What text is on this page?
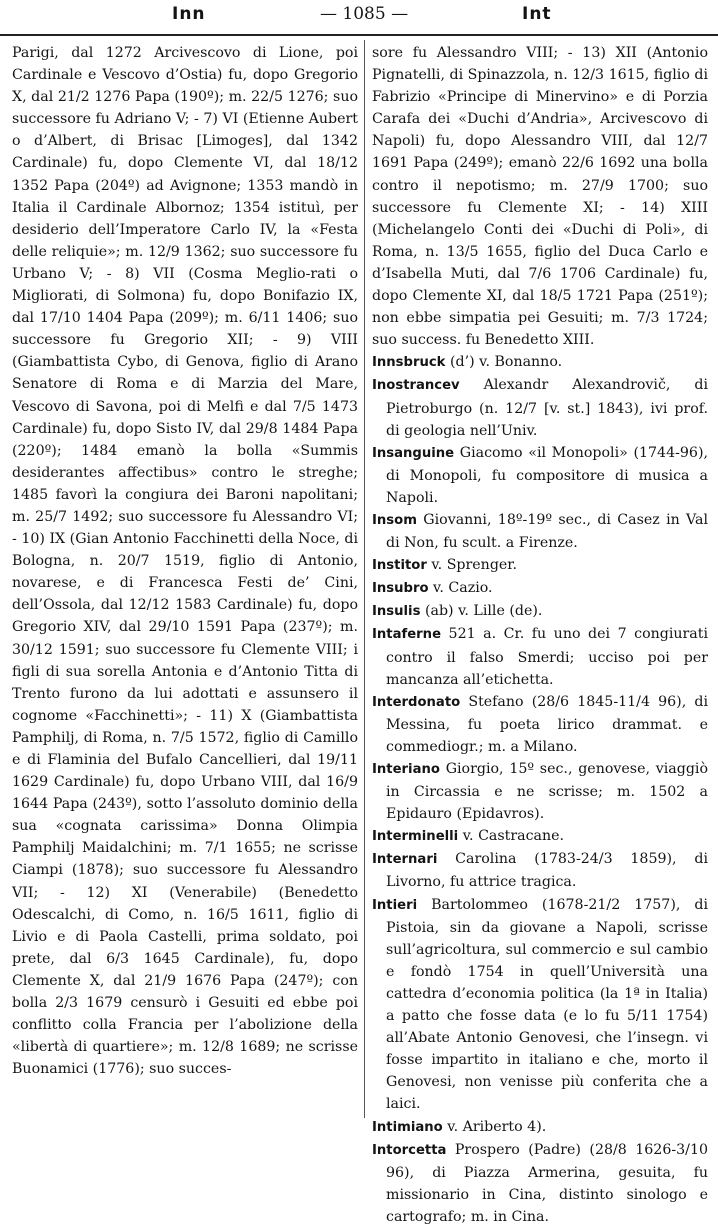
Inn	— 1085 —	Int

Parigi, dal 1272 Arcivescovo di Lione, poi Cardinale e Vescovo d’Ostia) fu, dopo Gregorio X, dal 21/2 1276 Papa (190º); m. 22/5 1276; suo successore fu Adriano V; - 7) VI (Etienne Aubert o d’Albert, di Brisac [Limoges], dal 1342 Cardinale) fu, dopo Clemente VI, dal 18/12 1352 Papa (204º) ad Avignone; 1353 mandò in Italia il Cardinale Albornoz; 1354 istituì, per desiderio dell’Imperatore Carlo IV, la «Festa delle reliquie»; m. 12/9 1362; suo successore fu Urbano V; - 8) VII (Cosma Meglio-rati o Migliorati, di Solmona) fu, dopo Bonifazio IX, dal 17/10 1404 Papa (209º); m. 6/11 1406; suo successore fu Gregorio XII; - 9) VIII (Giambattista Cybo, di Genova, figlio di Arano Senatore di Roma e di Marzia del Mare, Vescovo di Savona, poi di Melfi e dal 7/5 1473 Cardinale) fu, dopo Sisto IV, dal 29/8 1484 Papa (220º); 1484 emanò la bolla «Summis desiderantes affectibus» contro le streghe; 1485 favorì la congiura dei Baroni napolitani; m. 25/7 1492; suo successore fu Alessandro VI; - 10) IX (Gian Antonio Facchinetti della Noce, di Bologna, n. 20/7 1519, figlio di Antonio, novarese, e di Francesca Festi de’ Cini, dell’Ossola, dal 12/12 1583 Cardinale) fu, dopo Gregorio XIV, dal 29/10 1591 Papa (237º); m. 30/12 1591; suo successore fu Clemente VIII; i figli di sua sorella Antonia e d’Antonio Titta di Trento furono da lui adottati e assunsero il cognome «Facchinetti»; - 11) X (Giambattista Pamphilj, di Roma, n. 7/5 1572, figlio di Camillo e di Flaminia del Bufalo Cancellieri, dal 19/11 1629 Cardinale) fu, dopo Urbano VIII, dal 16/9 1644 Papa (243º), sotto l’assoluto dominio della sua «cognata carissima» Donna Olimpia Pamphilj Maidalchini; m. 7/1 1655; ne scrisse Ciampi (1878); suo successore fu Alessandro VII; - 12) XI (Venerabile) (Benedetto Odescalchi, di Como, n. 16/5 1611, figlio di Livio e di Paola Castelli, prima soldato, poi prete, dal 6/3 1645 Cardinale), fu, dopo Clemente X, dal 21/9 1676 Papa (247º); con bolla 2/3 1679 censurò i Gesuiti ed ebbe poi conflitto colla Francia per l’abolizione della «libertà di quartiere»; m. 12/8 1689; ne scrisse Buonamici (1776); suo succes-

sore fu Alessandro VIII; - 13) XII (Antonio Pignatelli, di Spinazzola, n. 12/3 1615, figlio di Fabrizio «Principe di Minervino» e di Porzia Carafa dei «Duchi d’Andria», Arcivescovo di Napoli) fu, dopo Alessandro VIII, dal 12/7 1691 Papa (249º); emanò 22/6 1692 una bolla contro il nepotismo; m. 27/9 1700; suo successore fu Clemente XI; - 14) XIII (Michelangelo Conti dei «Duchi di Poli», di Roma, n. 13/5 1655, figlio del Duca Carlo e d’Isabella Muti, dal 7/6 1706 Cardinale) fu, dopo Clemente XI, dal 18/5 1721 Papa (251º); non ebbe simpatia pei Gesuiti; m. 7/3 1724; suo success. fu Benedetto XIII.

Innsbruck (d’) v. Bonanno.

Inostrancev Alexandr Alexandrovič, di Pietroburgo (n. 12/7 [v. st.] 1843), ivi prof. di geologia nell’Univ.

Insanguine Giacomo «il Monopoli» (1744-96), di Monopoli, fu compositore di musica a Napoli.

Insom Giovanni, 18º-19º sec., di Casez in Val di Non, fu scult. a Firenze.

Institor v. Sprenger.

Insubro v. Cazio.

Insulis (ab) v. Lille (de).

Intaferne 521 a. Cr. fu uno dei 7 congiurati contro il falso Smerdi; ucciso poi per mancanza all’etichetta.

Interdonato Stefano (28/6 1845-11/4 96), di Messina, fu poeta lirico drammat. e commediogr.; m. a Milano.

Interiano Giorgio, 15º sec., genovese, viaggiò in Circassia e ne scrisse; m. 1502 a Epidauro (Epidavros).

Interminelli v. Castracane.

Internari Carolina (1783-24/3 1859), di Livorno, fu attrice tragica.

Intieri Bartolommeo (1678-21/2 1757), di Pistoia, sin da giovane a Napoli, scrisse sull’agricoltura, sul commercio e sul cambio e fondò 1754 in quell’Università una cattedra d’economia politica (la 1ª in Italia) a patto che fosse data (e lo fu 5/11 1754) all’Abate Antonio Genovesi, che l’insegn. vi fosse impartito in italiano e che, morto il Genovesi, non venisse più conferita che a laici.

Intimiano v. Ariberto 4).

Intorcetta Prospero (Padre) (28/8 1626-3/10 96), di Piazza Armerina, gesuita, fu missionario in Cina, distinto sinologo e cartografo; m. in Cina.
